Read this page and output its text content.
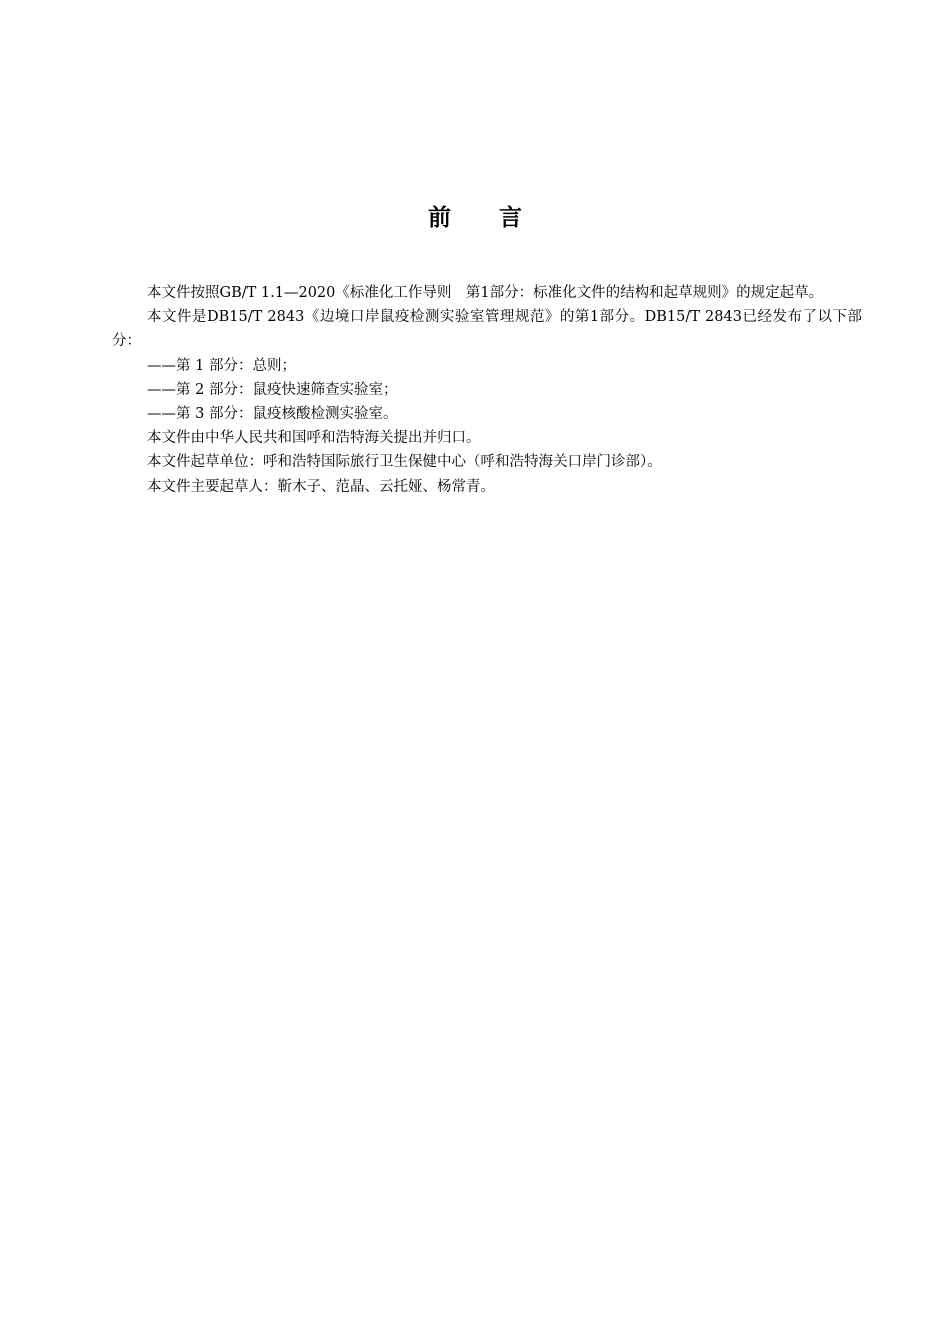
前言

本文件按照GB/T 1.1—2020《标准化工作导则　第1部分：标准化文件的结构和起草规则》的规定起草。

本文件是DB15/T 2843《边境口岸鼠疫检测实验室管理规范》的第1部分。DB15/T 2843已经发布了以下部分：

——第 1 部分：总则；

——第 2 部分：鼠疫快速筛查实验室；

——第 3 部分：鼠疫核酸检测实验室。

本文件由中华人民共和国呼和浩特海关提出并归口。

本文件起草单位：呼和浩特国际旅行卫生保健中心（呼和浩特海关口岸门诊部）。

本文件主要起草人：靳木子、范晶、云托娅、杨常青。
